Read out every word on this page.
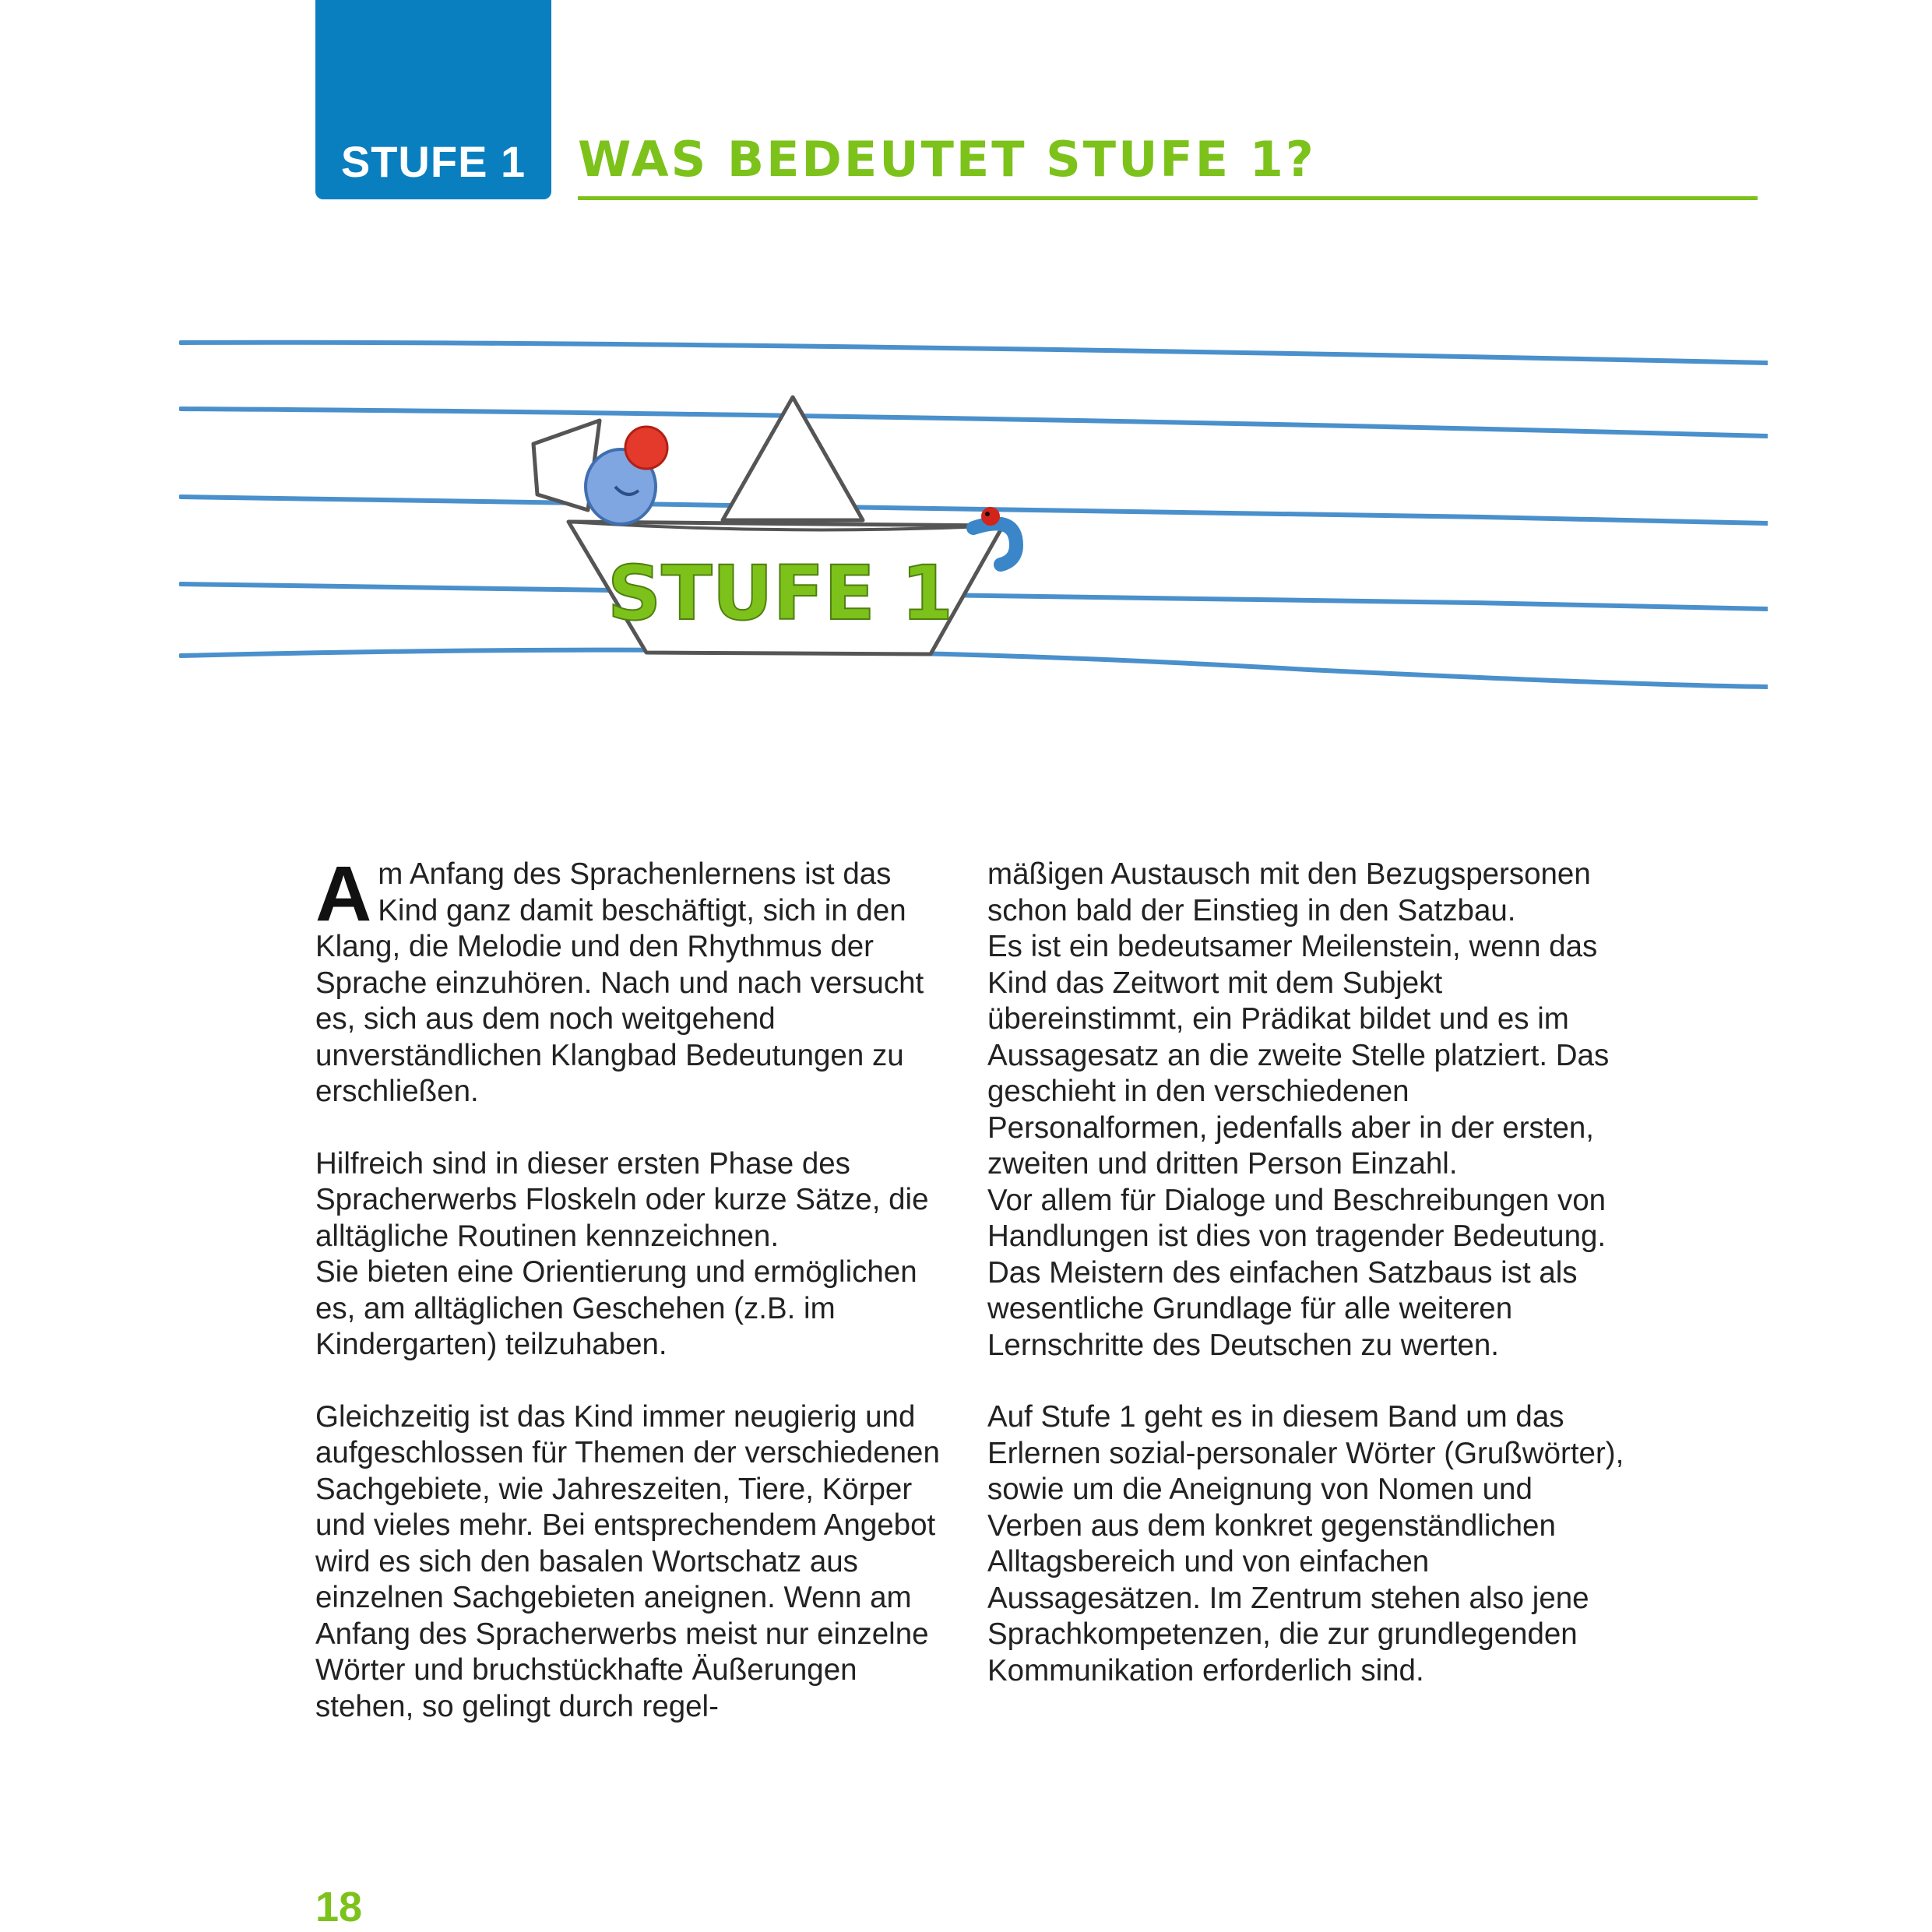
STUFE 1	WAS BEDEUTET STUFE 1?
STUFE 1

Am Anfang des Sprachenlernens ist das Kind ganz damit beschäftigt, sich in den Klang, die Melodie und den Rhythmus der Sprache einzuhören. Nach und nach versucht es, sich aus dem noch weitgehend unverständlichen Klangbad Bedeutungen zu erschließen.

Hilfreich sind in dieser ersten Phase des Spracherwerbs Floskeln oder kurze Sätze, die alltägliche Routinen kennzeichnen.

Sie bieten eine Orientierung und ermöglichen es, am alltäglichen Geschehen (z.B. im Kindergarten) teilzuhaben.

Gleichzeitig ist das Kind immer neugierig und aufgeschlossen für Themen der verschiedenen Sachgebiete, wie Jahreszeiten, Tiere, Körper und vieles mehr. Bei entsprechendem Angebot wird es sich den basalen Wortschatz aus einzelnen Sachgebieten aneignen. Wenn am Anfang des Spracherwerbs meist nur einzelne Wörter und bruchstückhafte Äußerungen stehen, so gelingt durch regel-

mäßigen Austausch mit den Bezugspersonen schon bald der Einstieg in den Satzbau.

Es ist ein bedeutsamer Meilenstein, wenn das Kind das Zeitwort mit dem Subjekt übereinstimmt, ein Prädikat bildet und es im Aussagesatz an die zweite Stelle platziert. Das geschieht in den verschiedenen Personalformen, jedenfalls aber in der ersten, zweiten und dritten Person Einzahl.

Vor allem für Dialoge und Beschreibungen von Handlungen ist dies von tragender Bedeutung. Das Meistern des einfachen Satzbaus ist als wesentliche Grundlage für alle weiteren Lernschritte des Deutschen zu werten.

Auf Stufe 1 geht es in diesem Band um das Erlernen sozial-personaler Wörter (Grußwörter), sowie um die Aneignung von Nomen und Verben aus dem konkret gegenständlichen Alltagsbereich und von einfachen Aussagesätzen. Im Zentrum stehen also jene Sprachkompetenzen, die zur grundlegenden Kommunikation erforderlich sind.

18
